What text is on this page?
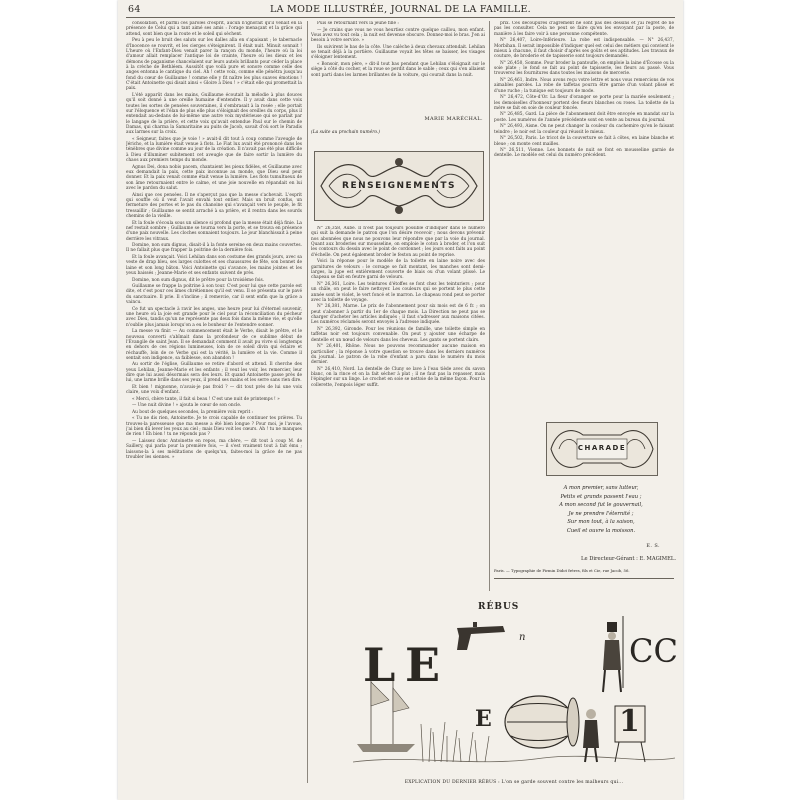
64	LA MODE ILLUSTRÉE, JOURNAL DE LA FAMILLE.

consolation, et parmi ces paroles d'esprit, aucun n'ignorait qu'il venait en la présence de Celui qui a tant aimé ses amis : l'orage menaçant et la grâce qui attend, sont bien que la route et le soleil qui sèchent.

Peu à peu le bruit des saluts sur les dalles alla en s'apaisant ; le tabernacle d'Inocence se rouvrit, et les cierges s'éteignirent. Il était nuit. Minuit sonnait ! L'heure où l'Enfant-Dieu venait parer la rançon du monde, l'heure où la loi d'amour allait remplacer l'antique loi de crainte, l'heure où les dieux et les démons de paganisme chancelaient sur leurs autels brillants pour céder la place à la crèche de Bethléem. Aussitôt que voilà pure et sonore comme celle des anges entonna le cantique du ciel. Ah ! cette voix, comme elle pénétra jusqu'au fond du cœur de Guillaume ! comme elle y fit naître les plus suaves émotions ! C'était Antoinette qui disait ainsi « Gloire à Dieu ! » c'était elle qui promettait la paix.

L'été apparût dans les mains, Guillaume écoutait la mélodie à plus douces qu'il soit donné à une oreille humaine d'entendre. Il y avait dans cette voix toutes les sortes de pensées souveraines, il s'embrasait à la rosée ; elle portait sur l'éloquence et l'élan de plus elle plus s'éloignait des oreilles du corps, plus il entendait au-dedans de lui-même une autre voix mystérieuse qui se parlait par le langage de la prière, et cette voix qu'avait entendue Paul sur le chemin de Damas, qui charma la Samaritaine au puits de Jacob, savait d'où sort le Paradis aux larmes sur la croix.

« Seigneur, faites que je voie ! » avait-il dit tout à coup comme l'aveugle de Jéricho, et la lumière était venue à flots. Le Fiat lux avait été prononcé dans les ténèbres que divine comme au jour de la création. Il n'avait pas été plus difficile à Dieu d'illuminer subitement cet aveugle que de faire sortir la lumière du chaos aux premiers temps du monde.

Agnus Dei, dona nobis pacem, chantaient les pieux fidèles, et Guillaume avec eux demandait la paix, cette paix inconnue au monde, que Dieu seul peut donner. Et la paix venait comme était venue la lumière. Les flots tumultueux de son âme retournaient entre le calme, et une joie nouvelle en répandait en lui avec le pardon du salut.

Ainsi que ces pensées. Il ne s'aperçut pas que la messe s'achevait. L'esprit qui souffle où il veut l'avait envahi tout entier. Mais un bruit confus, un fermeture des portes et le pas du chanoine qui s'avançait vers le peuple, le fit tressaillir ; Guillaume se sentit arraché à sa prière, et il rentra dans les sourds chemins de la vieille.

Et la foule s'écoula sous un silence si profond que la messe était déjà finie. La nef restait sombre ; Guillaume se tourna vers la porte, et se trouva en présence d'une paix nouvelle. Les cloches sonnaient toujours. Le jour blanchissait à peine derrière les vitraux.

Domine, non sum dignus, disait-il à la fonte sereine en deux mains couvertes. Il ne fallait plus que frapper la poitrine de la dernière fois.

Et la foule avançait. Voici Lehilan dans son costume des grands jours, avec sa veste de drap bleu, ses larges culottes et ses chaussures de fête, son bonnet de laine et son long bâton. Voici Antoinette qui s'avance, les mains jointes et les yeux baissés ; Jeanne-Marie et ses enfants suivent de près.

Domine, non sum dignus, dit le prêtre pour la troisième fois.

Guillaume se frappe la poitrine à son tour. C'est pour lui que cette parole est dite, et c'est pour ces âmes chrétiennes qu'il est venu. Il se présenta sur le pavé du sanctuaire. Il prie. Il s'incline ; il remercie, car il sent enfin que la grâce a vaincu.

Ce fut un spectacle à ravir les anges, une heure pour lui d'éternel souvenir, une heure où la joie est grande pour le ciel pour la réconciliation du pécheur avec Dieu, tandis qu'un ne représente pas deux fois dans la même vie, et qu'elle n'oublie plus jamais lorsqu'on a eu le bonheur de l'entendre sonner.

La messe va finir. — Au commencement était le Verbe, disait le prêtre, et le nouveau converti s'abîmait dans la profondeur de ce sublime début de l'Évangile de saint Jean. Il se demandait comment il avait pu vivre si longtemps en dehors de ces régions lumineuses, loin de ce soleil divin qui éclaire et réchauffe, loin de ce Verbe qui est la vérité, la lumière et la vie. Comme il sentait son indigence, sa faiblesse, son abandon !

Au sortir de l'église, Guillaume se retire d'abord et attend. Il cherche des yeux Lehilan, Jeanne-Marie et les enfants ; il veut les voir, les remercier, leur dire que lui aussi désormais sera des leurs. Et quand Antoinette passe près de lui, une larme brille dans ses yeux, il prend ses mains et les serre sans rien dire.

Et bien ! mignonne, n'avais-je pas froid ? — dit tout près de lui une voix claire, une voix d'enfant.

« Merci, chère tante, il fait si beau ! C'est une nuit de printemps ! »

— Une nuit divine ! » ajouta le cœur de son oncle.

Au bout de quelques secondes, la première voix reprit :

« Tu ne dis rien, Antoinette. Je te crois capable de continuer tes prières. Tu trouves-la paresseuse que ma messe a été bien longue ? Pour moi, je l'avoue, j'ai bien dû lever les yeux au ciel ; mais Dieu voit les cœurs. Ah ! tu ne manques de rien ! Eh bien ! tu ne réponds pas ?

— Laissez donc Antoinette en repos, ma chère, — dit tout à coup M. de Saillery, qui parla pour la première fois, — il s'est vraiment tout à fait ému ; laissons-la à ses méditations de quelqu'un, faites-moi la grâce de ne pas troubler les siennes. »

Puis se retournant vers la jeune fille :

— Je crains que vous ne vous heurtiez contre quelque caillou, mon enfant. Vous avez vu tout cela ; la nuit est devenue obscure. Donnez-moi le bras. J'en ai besoin à votre service. »

Ils suivirent le bas de la côte. Une calèche à deux chevaux attendait. Lehilan se tenait déjà à la portière. Guillaume voyait les têtes se baisser, les visages s'éloigner lentement.

« Bonsoir, mon père, » dit-il tout bas pendant que Lehilan s'éloignait sur le siège à côté du cocher, et la roue se perdit dans le sable ; ceux qui s'en allaient sont parti dans les larmes brillantes de la voiture, qui courait dans la nuit.

MARIE MARÉCHAL.
(La suite au prochain numéro.)
RENSEIGNEMENTS

N° 26,358, Aube. Il n'est pas toujours possible d'indiquer dans le numéro qui suit la demande le patron que l'on désire recevoir ; nous devons prévenir nos abonnées que nous ne pouvons leur répondre que par la voie du journal. Quant aux broderies sur mousseline, on emploie le coton à broder, et l'on suit les contours du dessin avec le point de cordonnet ; les jours sont faits au point d'échelle. On peut également broder le feston au point de reprise.

Voici la réponse pour le modèle de la toilette en laine noire avec des garnitures de velours : le corsage se fait montant, les manches sont demi-larges, la jupe est entièrement couverte de biais ou d'un volant plissé. Le chapeau se fait en feutre garni de velours.

N° 26,361, Loire. Les teintures d'étoffes se font chez les teinturiers ; pour un châle, on peut le faire nettoyer. Les couleurs qui se portent le plus cette année sont le violet, le vert foncé et le marron. Le chapeau rond peut se porter avec la toilette de voyage.

N° 26,381, Marne. Le prix de l'abonnement pour six mois est de 6 fr. ; on peut s'abonner à partir du 1er de chaque mois. La Direction ne peut pas se charger d'acheter les articles indiqués ; il faut s'adresser aux maisons citées. Les numéros réclamés seront envoyés à l'adresse indiquée.

N° 26,392, Gironde. Pour les réunions de famille, une toilette simple en taffetas noir est toujours convenable. On peut y ajouter une écharpe de dentelle et un nœud de velours dans les cheveux. Les gants se portent clairs.

N° 26,401, Rhône. Nous ne pouvons recommander aucune maison en particulier ; la réponse à votre question se trouve dans les derniers numéros du journal. Le patron de la robe d'enfant a paru dans le numéro du mois dernier.

N° 26,410, Nord. La dentelle de Cluny se lave à l'eau tiède avec du savon blanc, on la rince et on la fait sécher à plat ; il ne faut pas la repasser, mais l'épingler sur un linge. Le crochet en soie se nettoie de la même façon. Pour la collerette, l'empois léger suffit.

prix. Ces découpures d'agrément ne sont pas des dessins et j'ai regret de ne pas les consulter. Cela ne peut se faire qu'en les envoyant par la poste, de manière à les faire voir à une personne compétente.

N° 26,407, Loire-Inférieure. La robe est indispensable. — N° 26,437, Morbihan. Il serait impossible d'indiquer quel est celui des métiers qui convient le mieux à chacune, il faut choisir d'après ses goûts et ses aptitudes. Les travaux de couture, de broderie et de tapisserie sont toujours demandés.

N° 26,450, Somme. Pour broder la pantoufle, on emploie la laine d'Écosse ou la soie plate ; le fond se fait au point de tapisserie, les fleurs au passé. Vous trouverez les fournitures dans toutes les maisons de mercerie.

N° 26,461, Indre. Nous avons reçu votre lettre et nous vous remercions de vos aimables paroles. La robe de taffetas pourra être garnie d'un volant plissé et d'une ruche ; la tunique est toujours de mode.

N° 26,472, Côte-d'Or. La fleur d'oranger se porte pour la mariée seulement ; les demoiselles d'honneur portent des fleurs blanches ou roses. La toilette de la mère se fait en soie de couleur foncée.

N° 26,485, Gard. La pièce de l'abonnement doit être envoyée en mandat sur la poste. Les numéros de l'année précédente sont en vente au bureau du journal.

N° 26,493, Aisne. On ne peut changer la couleur du cachemire qu'en le faisant teindre ; le noir est la couleur qui réussit le mieux.

N° 26,502, Paris. Le tricot de la couverture se fait à côtes, en laine blanche et bleue ; on monte cent mailles.

N° 26,511, Vienne. Les bonnets de nuit se font en mousseline garnie de dentelle. Le modèle est celui du numéro précédent.

CHARADE
A mon premier, sans lutteur,
Petits et grands passent l'eau ;
A mon second fut le gouvernail,
Je ne prendre l'éternité ;
Sur mon tout, à la saison,
Cueil et ouvre la moisson.
E. S.
Le Directeur-Gérant : E. MAGIMEL.
Paris. — Typographie de Firmin Didot frères, fils et Cie, rue Jacob, 56.
RÉBUS
L E
n	CC
E	1
EXPLICATION DU DERNIER RÉBUS : L'on se garde souvent contre les malheurs qui...
